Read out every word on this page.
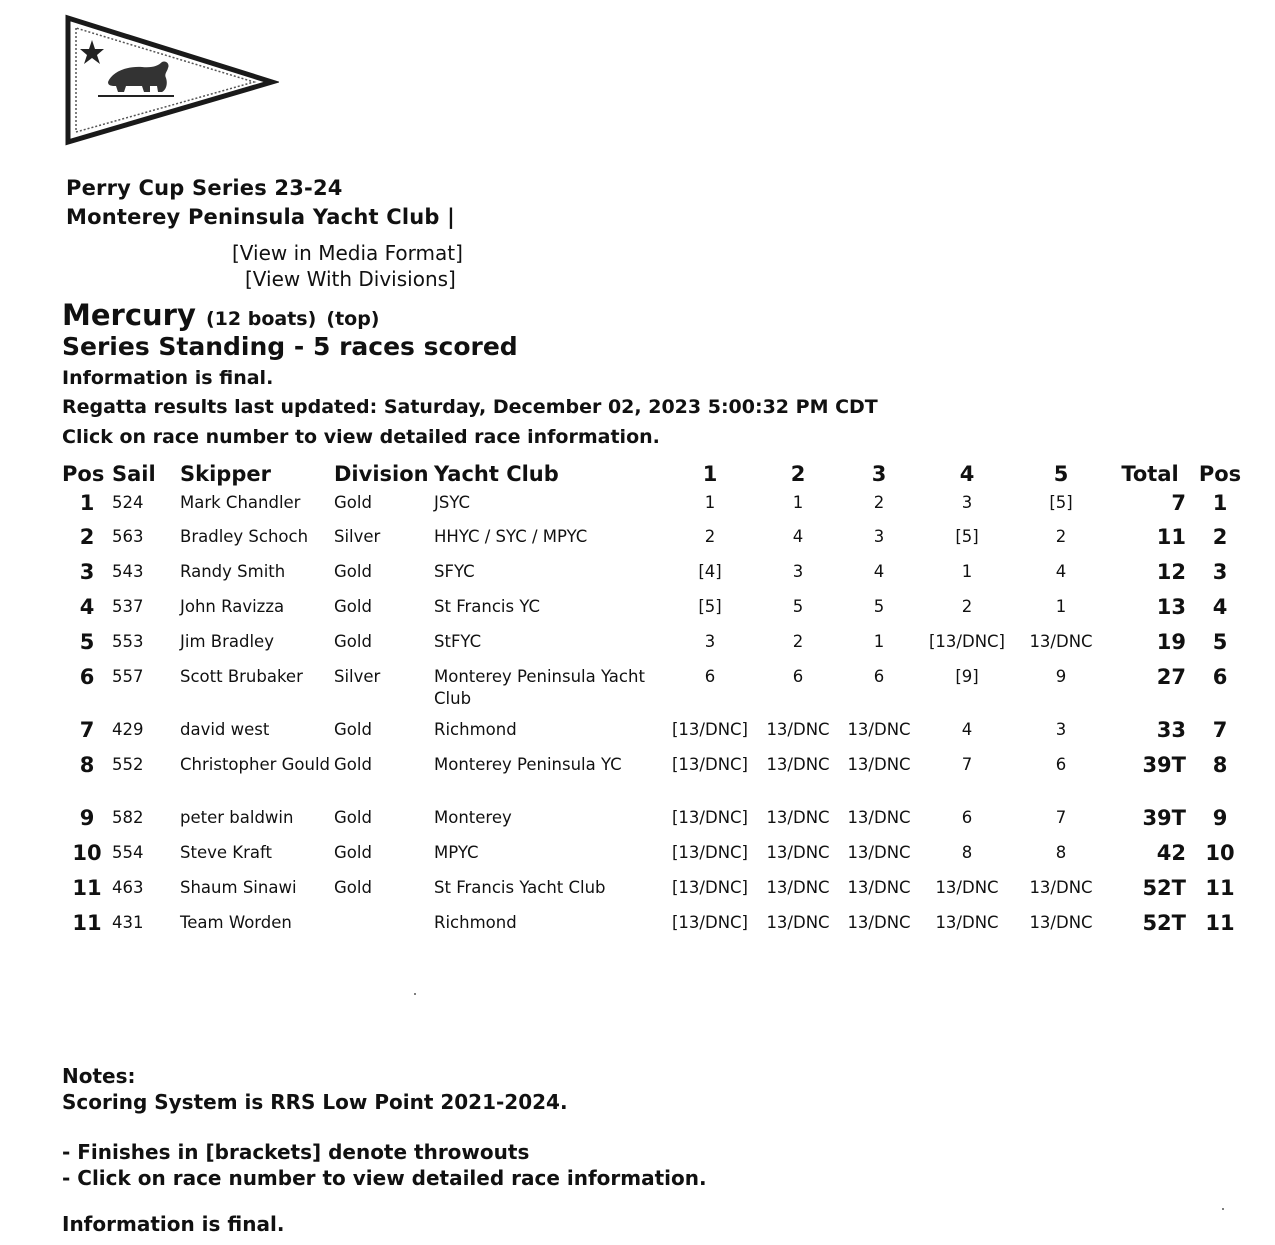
Perry Cup Series 23-24
Monterey Peninsula Yacht Club |
[View in Media Format]
[View With Divisions]
Mercury (12 boats) (top)
Series Standing - 5 races scored
Information is final.
Regatta results last updated: Saturday, December 02, 2023 5:00:32 PM CDT
Click on race number to view detailed race information.
Pos	Sail	Skipper	Division	Yacht Club	1	2	3	4	5	Total	Pos
1	524	Mark Chandler	Gold	JSYC	1	1	2	3	[5]	7	1
2	563	Bradley Schoch	Silver	HHYC / SYC / MPYC	2	4	3	[5]	2	11	2
3	543	Randy Smith	Gold	SFYC	[4]	3	4	1	4	12	3
4	537	John Ravizza	Gold	St Francis YC	[5]	5	5	2	1	13	4
5	553	Jim Bradley	Gold	StFYC	3	2	1	[13/DNC]	13/DNC	19	5
6	557	Scott Brubaker	Silver	Monterey Peninsula Yacht Club	6	6	6	[9]	9	27	6
7	429	david west	Gold	Richmond	[13/DNC]	13/DNC	13/DNC	4	3	33	7
8	552	Christopher Gould	Gold	Monterey Peninsula YC	[13/DNC]	13/DNC	13/DNC	7	6	39T	8
9	582	peter baldwin	Gold	Monterey	[13/DNC]	13/DNC	13/DNC	6	7	39T	9
10	554	Steve Kraft	Gold	MPYC	[13/DNC]	13/DNC	13/DNC	8	8	42	10
11	463	Shaum Sinawi	Gold	St Francis Yacht Club	[13/DNC]	13/DNC	13/DNC	13/DNC	13/DNC	52T	11
11	431	Team Worden		Richmond	[13/DNC]	13/DNC	13/DNC	13/DNC	13/DNC	52T	11
Notes:
Scoring System is RRS Low Point 2021-2024.
- Finishes in [brackets] denote throwouts
- Click on race number to view detailed race information.
Information is final.
